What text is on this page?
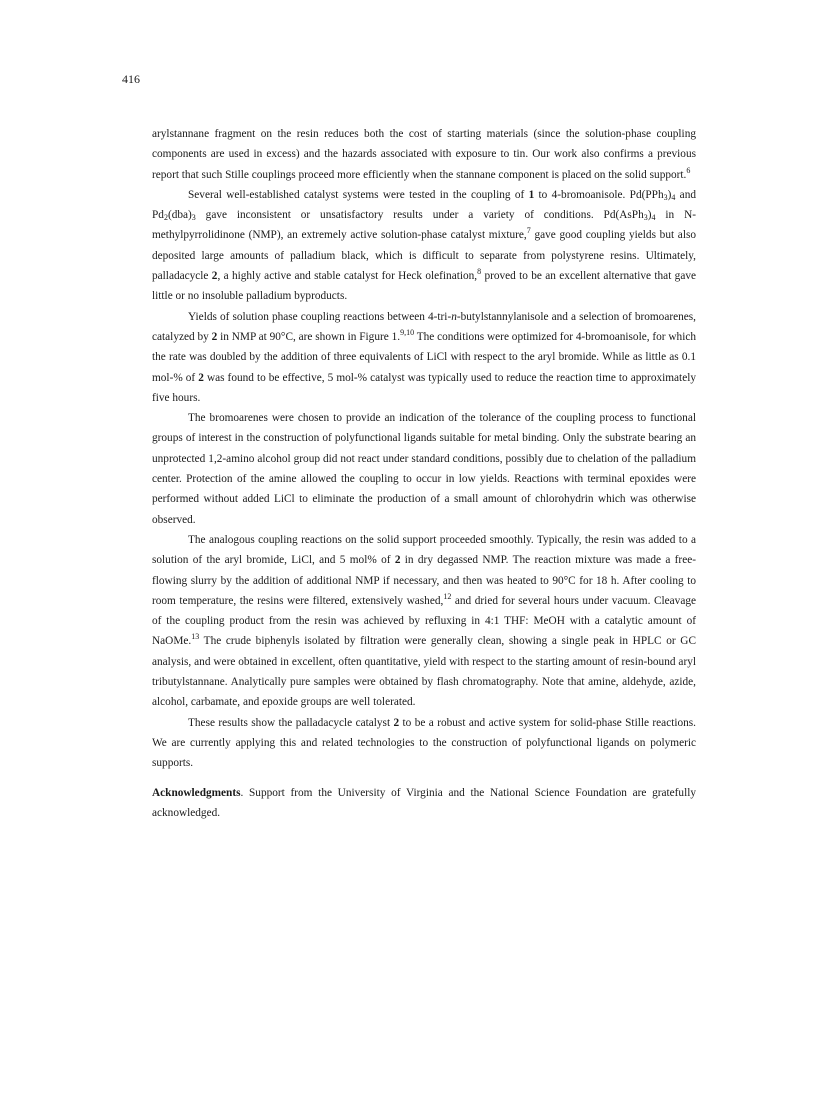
416

arylstannane fragment on the resin reduces both the cost of starting materials (since the solution-phase coupling components are used in excess) and the hazards associated with exposure to tin. Our work also confirms a previous report that such Stille couplings proceed more efficiently when the stannane component is placed on the solid support.$^6$

Several well-established catalyst systems were tested in the coupling of 1 to 4-bromoanisole. $Pd(PPh_3)_4$ and $Pd_2(dba)_3$ gave inconsistent or unsatisfactory results under a variety of conditions. $Pd(AsPh_3)_4$ in N-methylpyrrolidinone (NMP), an extremely active solution-phase catalyst mixture,$^7$ gave good coupling yields but also deposited large amounts of palladium black, which is difficult to separate from polystyrene resins. Ultimately, palladacycle 2, a highly active and stable catalyst for Heck olefination,$^8$ proved to be an excellent alternative that gave little or no insoluble palladium byproducts.

Yields of solution phase coupling reactions between 4-tri-n-butylstannylanisole and a selection of bromoarenes, catalyzed by 2 in NMP at 90°C, are shown in Figure 1.$^{9,10}$ The conditions were optimized for 4-bromoanisole, for which the rate was doubled by the addition of three equivalents of LiCl with respect to the aryl bromide. While as little as 0.1 mol-% of 2 was found to be effective, 5 mol-% catalyst was typically used to reduce the reaction time to approximately five hours.

The bromoarenes were chosen to provide an indication of the tolerance of the coupling process to functional groups of interest in the construction of polyfunctional ligands suitable for metal binding. Only the substrate bearing an unprotected 1,2-amino alcohol group did not react under standard conditions, possibly due to chelation of the palladium center. Protection of the amine allowed the coupling to occur in low yields. Reactions with terminal epoxides were performed without added LiCl to eliminate the production of a small amount of chlorohydrin which was otherwise observed.

The analogous coupling reactions on the solid support proceeded smoothly. Typically, the resin was added to a solution of the aryl bromide, LiCl, and 5 mol% of 2 in dry degassed NMP. The reaction mixture was made a free-flowing slurry by the addition of additional NMP if necessary, and then was heated to 90°C for 18 h. After cooling to room temperature, the resins were filtered, extensively washed,$^{12}$ and dried for several hours under vacuum. Cleavage of the coupling product from the resin was achieved by refluxing in 4:1 THF: MeOH with a catalytic amount of NaOMe.$^{13}$ The crude biphenyls isolated by filtration were generally clean, showing a single peak in HPLC or GC analysis, and were obtained in excellent, often quantitative, yield with respect to the starting amount of resin-bound aryl tributylstannane. Analytically pure samples were obtained by flash chromatography. Note that amine, aldehyde, azide, alcohol, carbamate, and epoxide groups are well tolerated.

These results show the palladacycle catalyst 2 to be a robust and active system for solid-phase Stille reactions. We are currently applying this and related technologies to the construction of polyfunctional ligands on polymeric supports.

Acknowledgments. Support from the University of Virginia and the National Science Foundation are gratefully acknowledged.
